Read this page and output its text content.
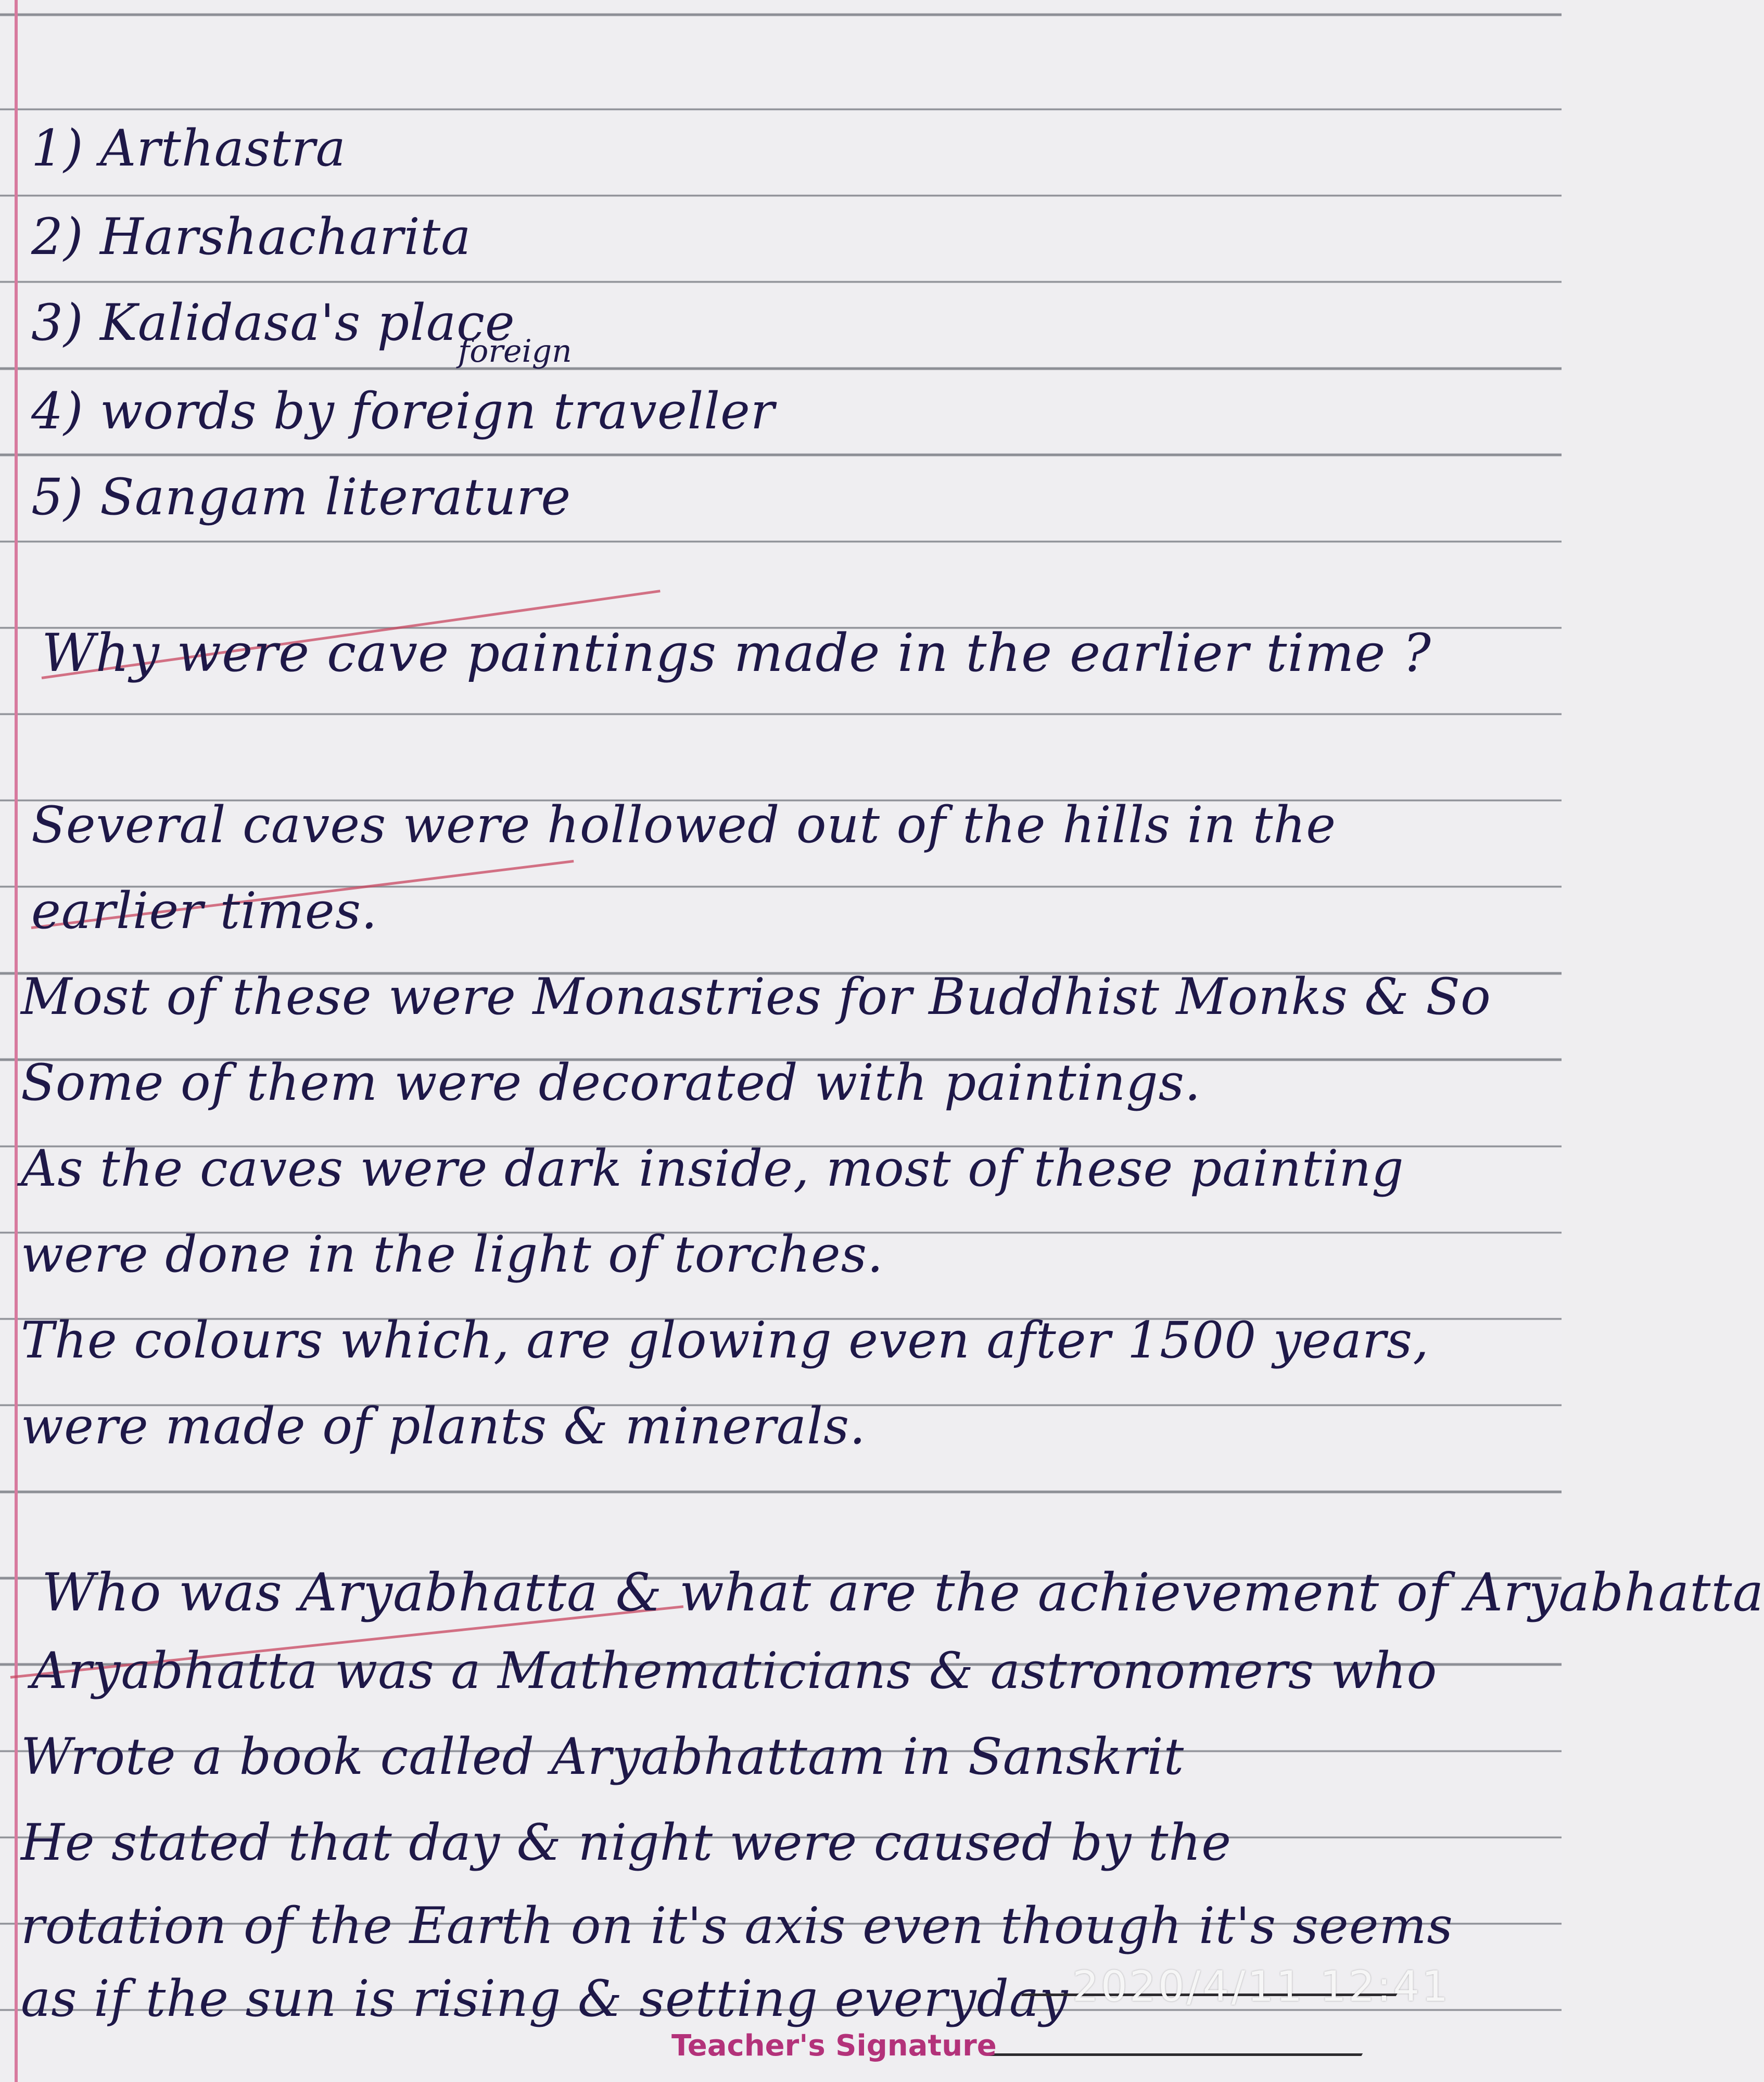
1) Arthastra
2) Harshacharita
3) Kalidasa's place
foreign
4) words by foreign traveller
5) Sangam literature
Why were cave paintings made in the earlier time ?
Several caves were hollowed out of the hills in the
earlier times.
Most of these were Monastries for Buddhist Monks & So
Some of them were decorated with paintings.
As the caves were dark inside, most of these painting
were done in the light of torches.
The colours which, are glowing even after 1500 years,
were made of plants & minerals.
Who was Aryabhatta & what are the achievement of Aryabhatta
Aryabhatta was a Mathematicians & astronomers who
Wrote a book called Aryabhattam in Sanskrit
He stated that day & night were caused by the
rotation of the Earth on it's axis even though it's seems
as if the sun is rising & setting everyday
Teacher's Signature
2020/4/11 12:41
